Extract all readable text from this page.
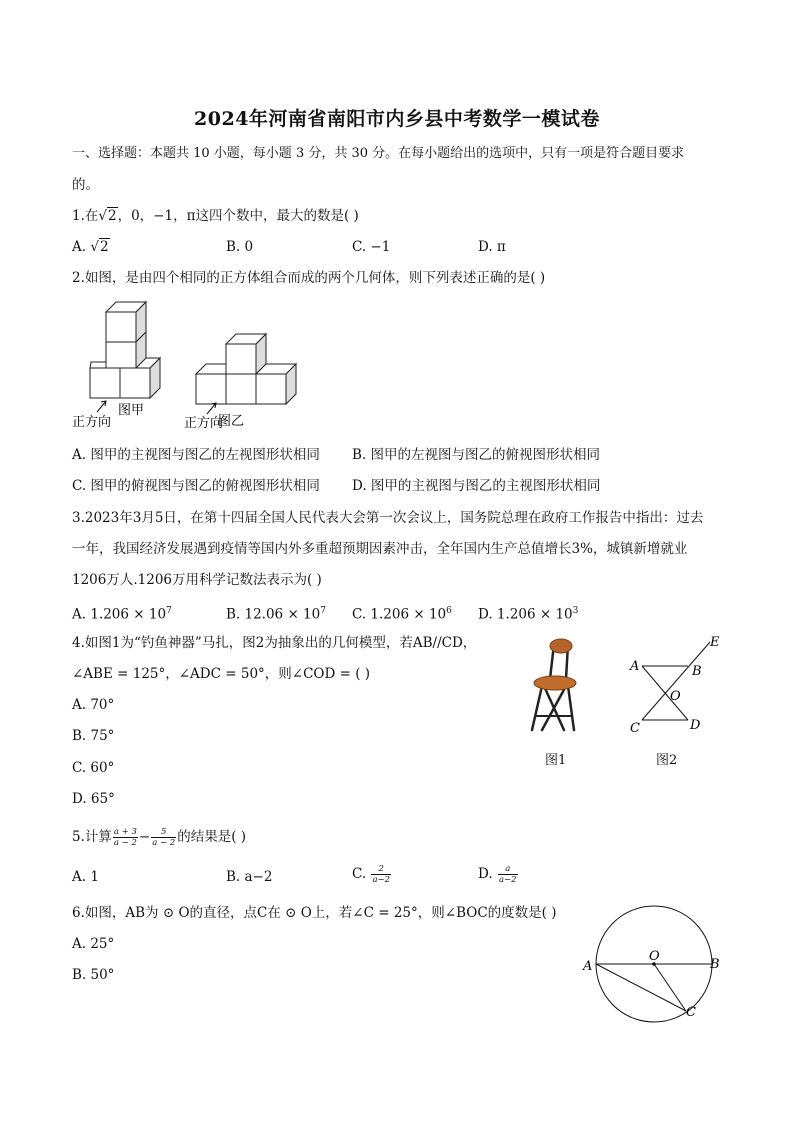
2024年河南省南阳市内乡县中考数学一模试卷
一、选择题：本题共 10 小题，每小题 3 分，共 30 分。在每小题给出的选项中，只有一项是符合题目要求
的。
1.在√2，0，−1，π这四个数中，最大的数是( )
A. √2	B. 0	C. −1	D. π
2.如图，是由四个相同的正方体组合而成的两个几何体，则下列表述正确的是( )
图甲
正方向	图乙
正方向
A. 图甲的主视图与图乙的左视图形状相同 B. 图甲的左视图与图乙的俯视图形状相同
C. 图甲的俯视图与图乙的俯视图形状相同 D. 图甲的主视图与图乙的主视图形状相同
3.2023年3月5日，在第十四届全国人民代表大会第一次会议上，国务院总理在政府工作报告中指出：过去
一年，我国经济发展遇到疫情等国内外多重超预期因素冲击，全年国内生产总值增长3%，城镇新增就业
1206万人.1206万用科学记数法表示为( )
A. $1.206 \times 10^7$	B. $12.06 \times 10^7$ C. $1.206 \times 10^6$ D. $1.206 \times 10^3$
4.如图1为“钓鱼神器”马扎，图2为抽象出的几何模型，若AB//CD，
∠ABE = 125°，∠ADC = 50°，则∠COD = ( )
A. 70°
B. 75°
C. 60°
D. 65°
图1
A	B
C	D
E
O
图2
5.计算 $\frac{a + 3}{a - 2} - \frac{5}{a - 2}$ 的结果是( )
A. 1	B. a−2	C. $\frac{2}{a-2}$	D. $\frac{a}{a-2}$
6.如图，AB为 ⊙ O的直径，点C在 ⊙ O上，若∠C = 25°，则∠BOC的度数是( )
A. 25°
B. 50°
A	B
C
O
